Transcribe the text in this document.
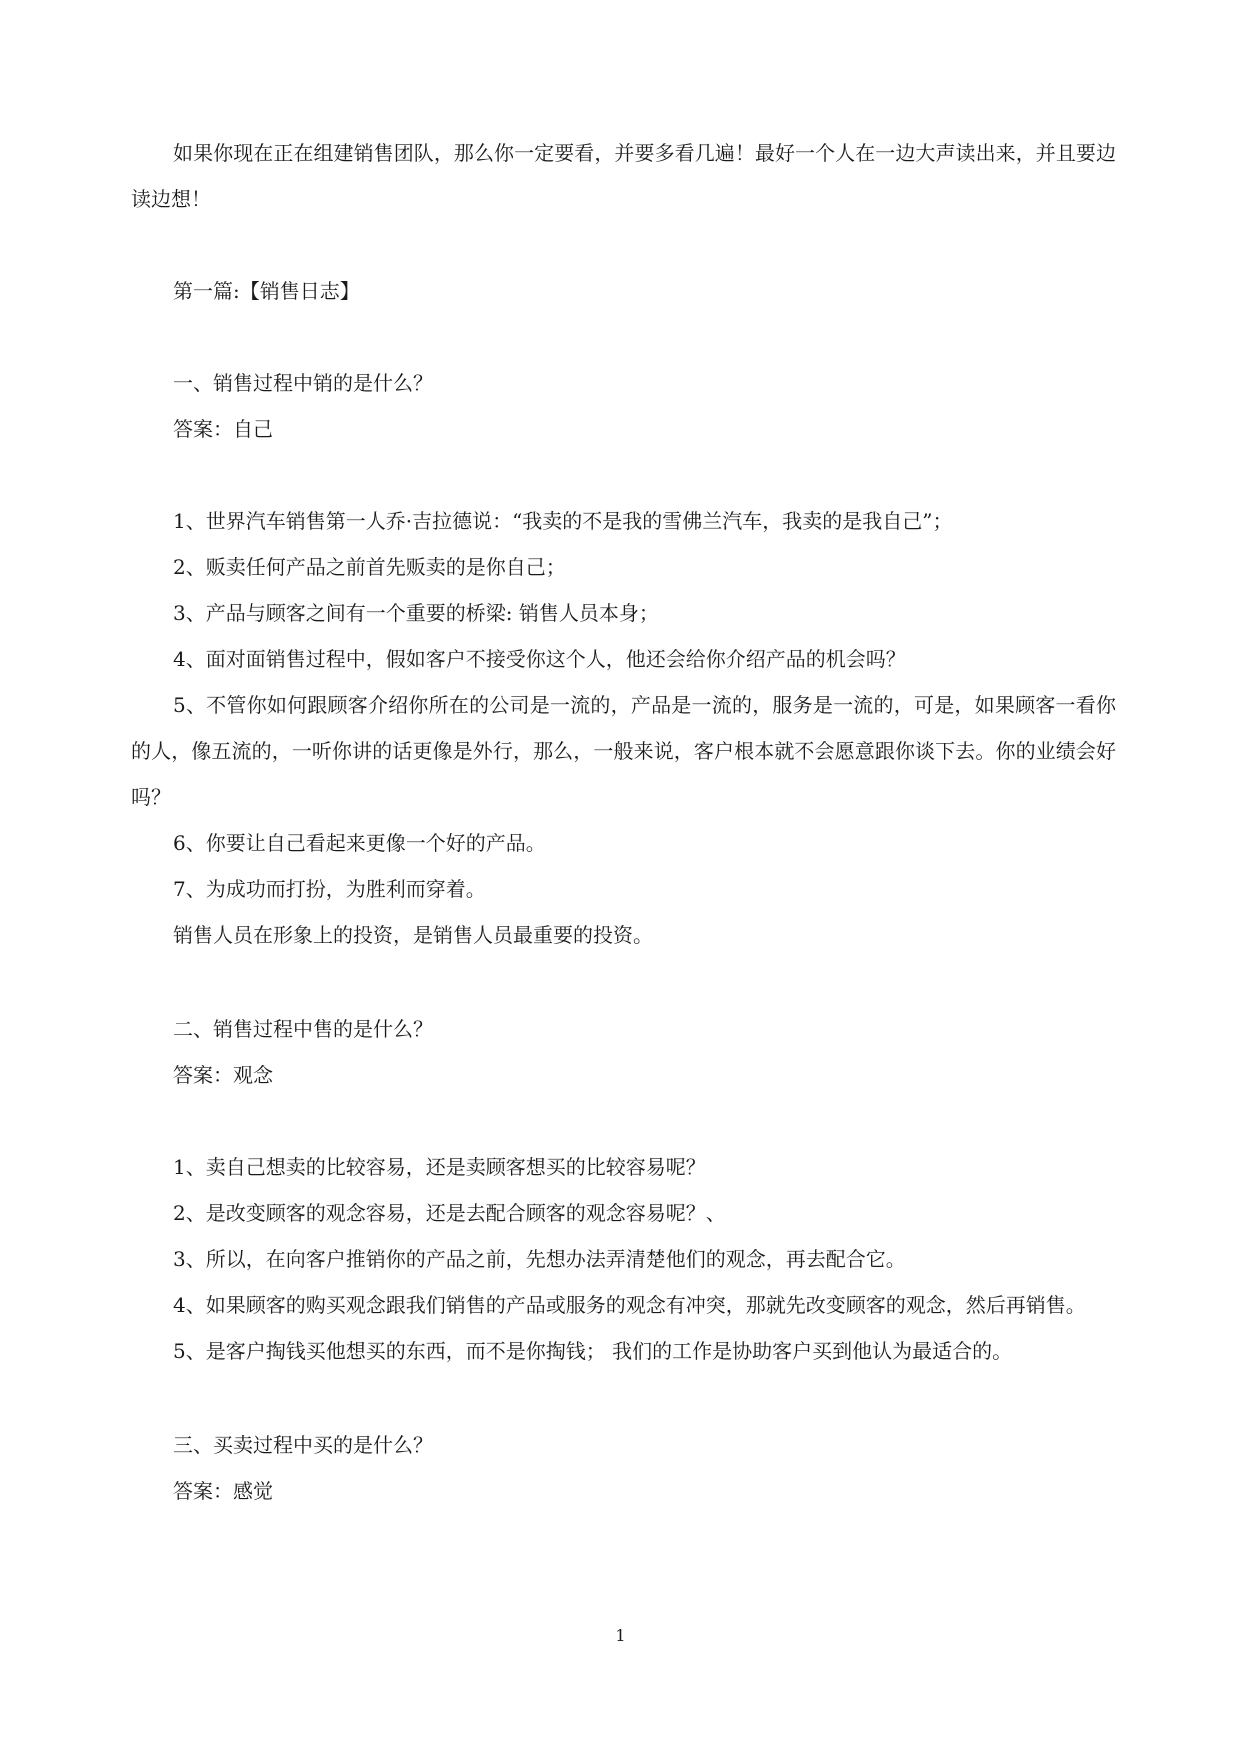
如果你现在正在组建销售团队，那么你一定要看，并要多看几遍！最好一个人在一边大声读出来，并且要边读边想！

第一篇:【销售日志】

一、销售过程中销的是什么？

答案：自己

1、世界汽车销售第一人乔·吉拉德说：“我卖的不是我的雪佛兰汽车，我卖的是我自己”；

2、贩卖任何产品之前首先贩卖的是你自己；

3、产品与顾客之间有一个重要的桥梁: 销售人员本身；

4、面对面销售过程中，假如客户不接受你这个人，他还会给你介绍产品的机会吗？

5、不管你如何跟顾客介绍你所在的公司是一流的，产品是一流的，服务是一流的，可是，如果顾客一看你的人，像五流的，一听你讲的话更像是外行，那么，一般来说，客户根本就不会愿意跟你谈下去。你的业绩会好吗？

6、你要让自己看起来更像一个好的产品。

7、为成功而打扮，为胜利而穿着。

销售人员在形象上的投资，是销售人员最重要的投资。

二、销售过程中售的是什么？

答案：观念

1、卖自己想卖的比较容易，还是卖顾客想买的比较容易呢？

2、是改变顾客的观念容易，还是去配合顾客的观念容易呢？、

3、所以，在向客户推销你的产品之前，先想办法弄清楚他们的观念，再去配合它。

4、如果顾客的购买观念跟我们销售的产品或服务的观念有冲突，那就先改变顾客的观念，然后再销售。

5、是客户掏钱买他想买的东西，而不是你掏钱； 我们的工作是协助客户买到他认为最适合的。

三、买卖过程中买的是什么？

答案：感觉

1
